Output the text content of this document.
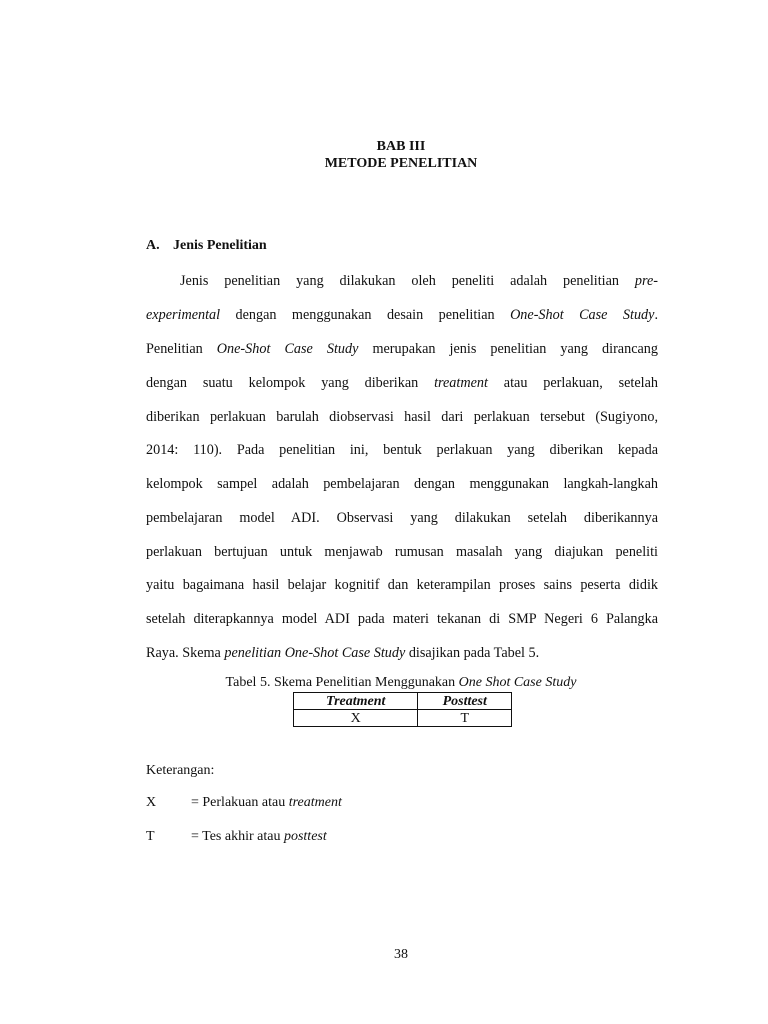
BAB III
METODE PENELITIAN
A. Jenis Penelitian
Jenis penelitian yang dilakukan oleh peneliti adalah penelitian pre-
experimental dengan menggunakan desain penelitian One-Shot Case Study.
Penelitian One-Shot Case Study merupakan jenis penelitian yang dirancang
dengan suatu kelompok yang diberikan treatment atau perlakuan, setelah
diberikan perlakuan barulah diobservasi hasil dari perlakuan tersebut (Sugiyono,
2014: 110). Pada penelitian ini, bentuk perlakuan yang diberikan kepada
kelompok sampel adalah pembelajaran dengan menggunakan langkah-langkah
pembelajaran model ADI. Observasi yang dilakukan setelah diberikannya
perlakuan bertujuan untuk menjawab rumusan masalah yang diajukan peneliti
yaitu bagaimana hasil belajar kognitif dan keterampilan proses sains peserta didik
setelah diterapkannya model ADI pada materi tekanan di SMP Negeri 6 Palangka
Raya. Skema penelitian One-Shot Case Study disajikan pada Tabel 5.
Tabel 5. Skema Penelitian Menggunakan One Shot Case Study
Treatment	Posttest
X	T
Keterangan:
X = Perlakuan atau treatment
T	= Tes akhir atau posttest
38
